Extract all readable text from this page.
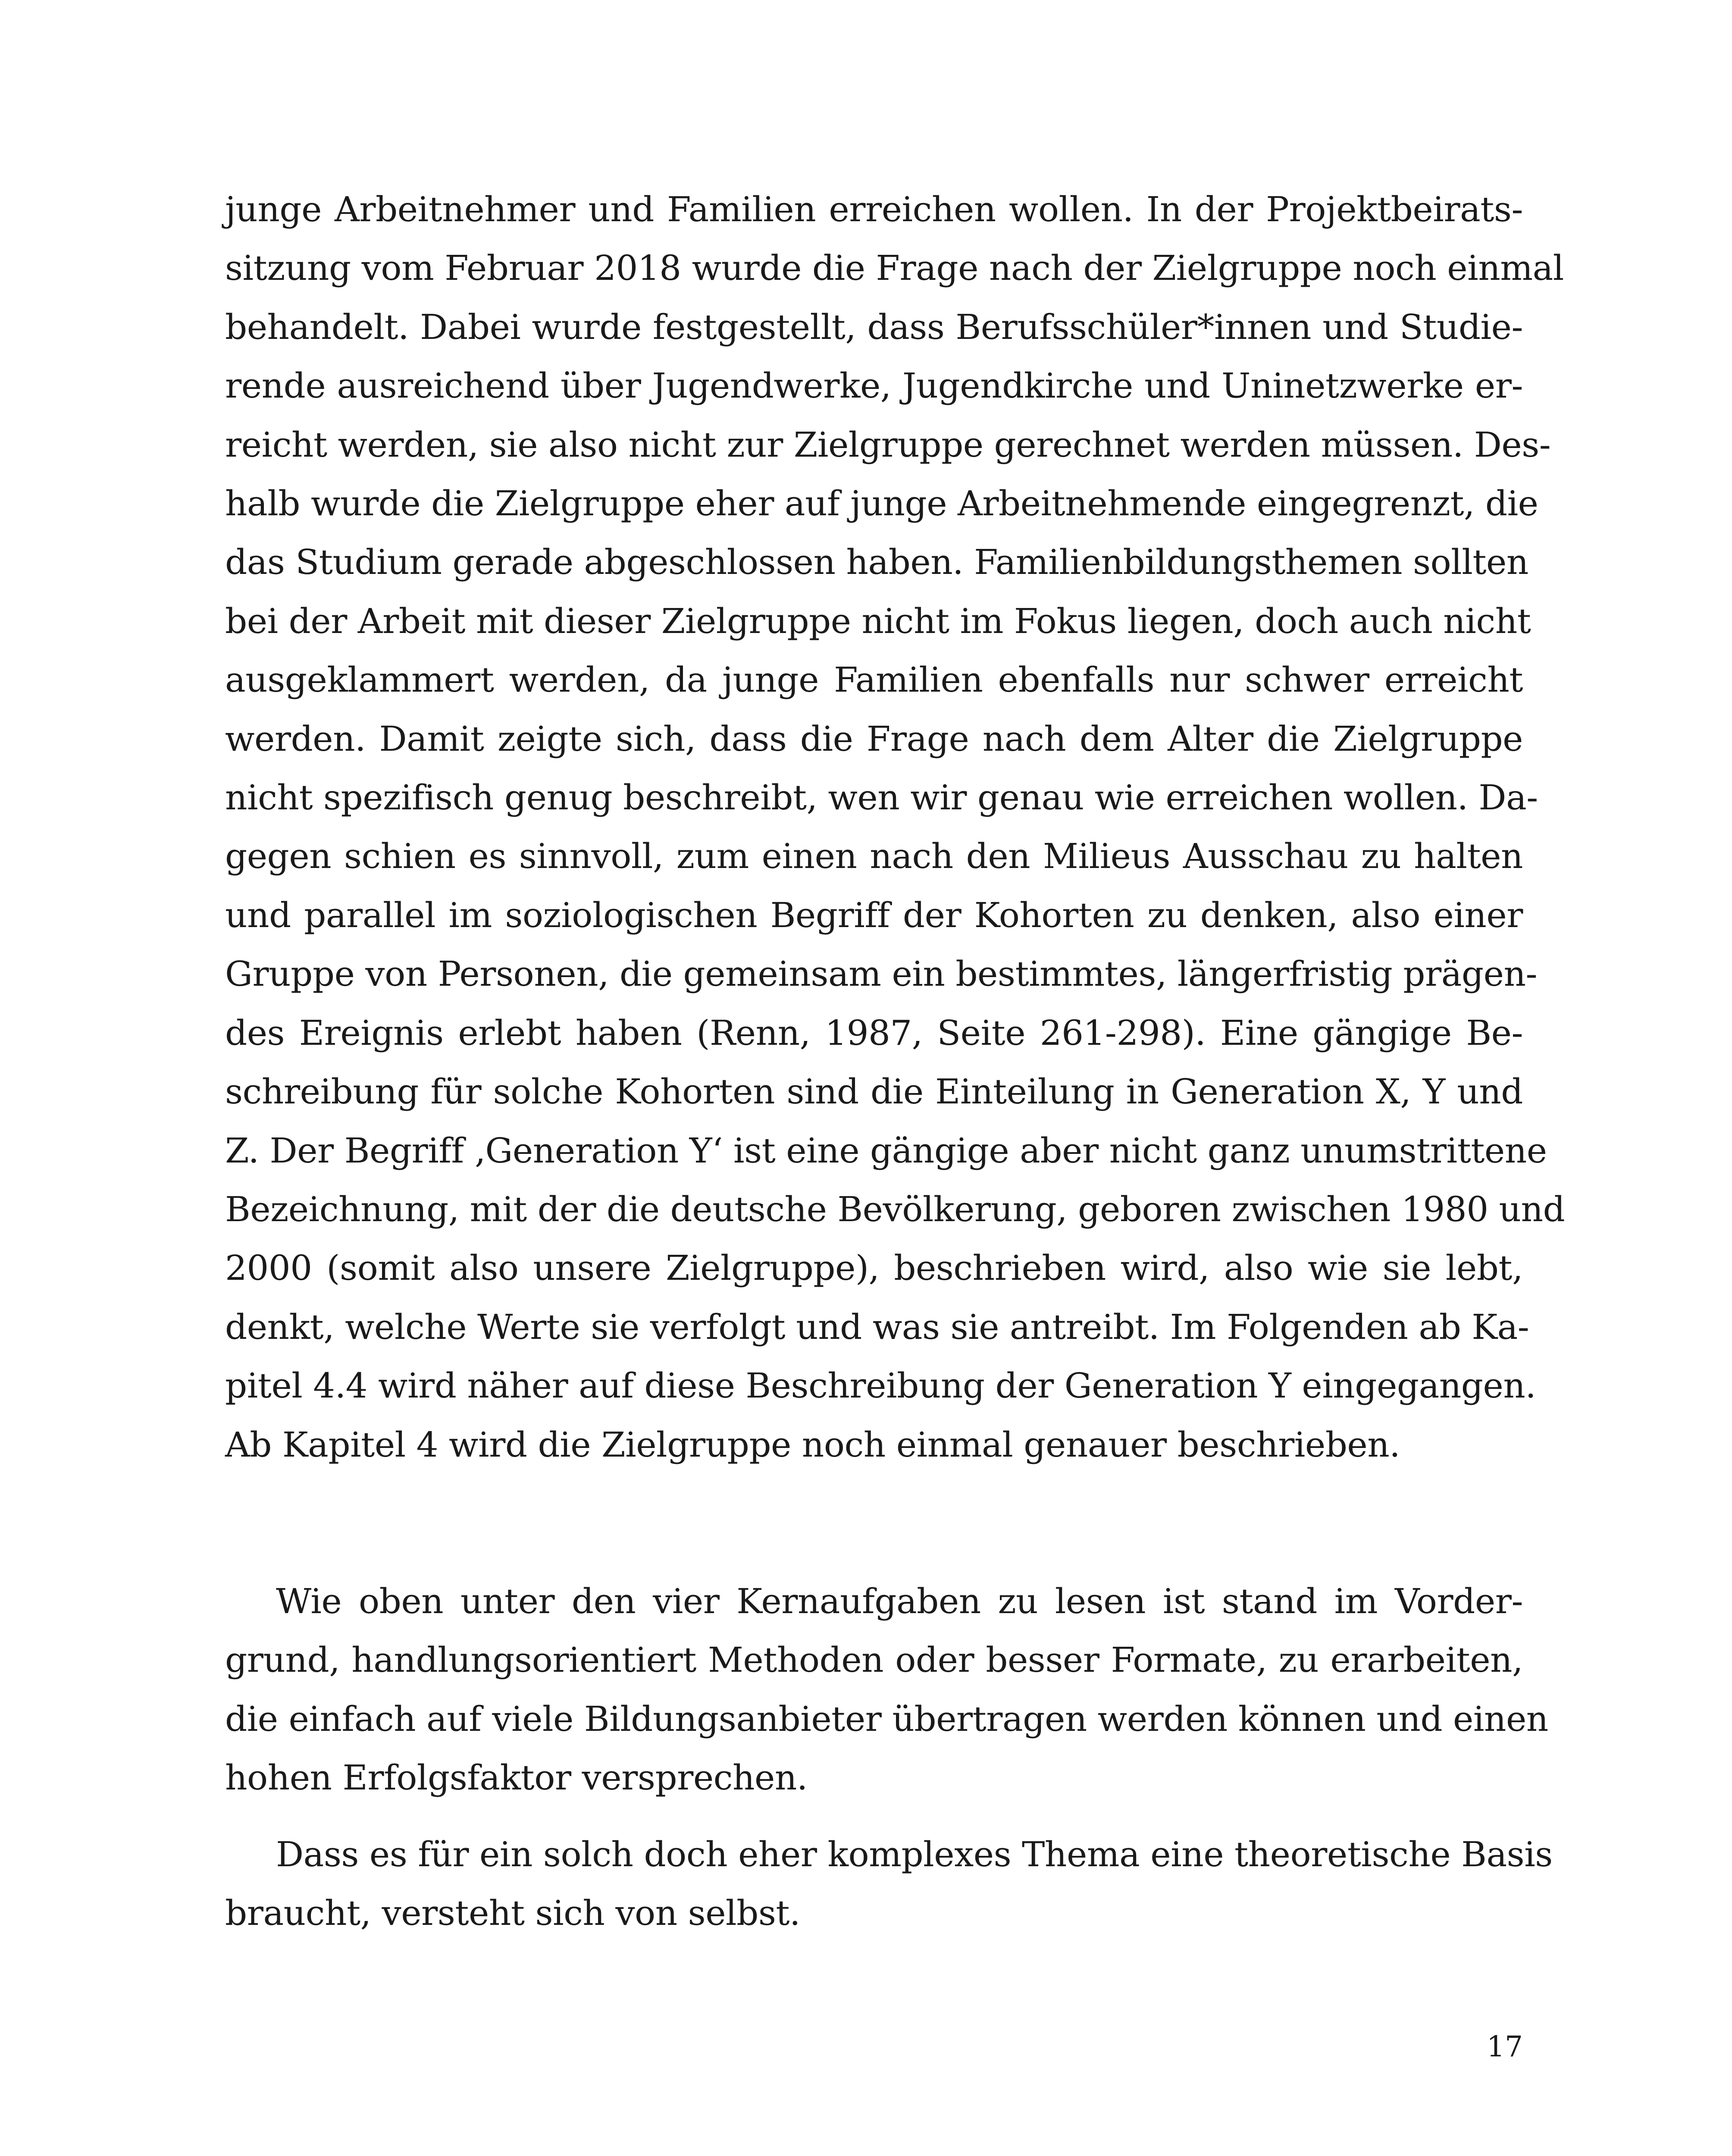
junge Arbeitnehmer und Familien erreichen wollen. In der Projektbeirats-
sitzung vom Februar 2018 wurde die Frage nach der Zielgruppe noch einmal
behandelt. Dabei wurde festgestellt, dass Berufsschüler*innen und Studie-
rende ausreichend über Jugendwerke, Jugendkirche und Uninetzwerke er-
reicht werden, sie also nicht zur Zielgruppe gerechnet werden müssen. Des-
halb wurde die Zielgruppe eher auf junge Arbeitnehmende eingegrenzt, die
das Studium gerade abgeschlossen haben. Familienbildungsthemen sollten
bei der Arbeit mit dieser Zielgruppe nicht im Fokus liegen, doch auch nicht
ausgeklammert werden, da junge Familien ebenfalls nur schwer erreicht
werden. Damit zeigte sich, dass die Frage nach dem Alter die Zielgruppe
nicht spezifisch genug beschreibt, wen wir genau wie erreichen wollen. Da-
gegen schien es sinnvoll, zum einen nach den Milieus Ausschau zu halten
und parallel im soziologischen Begriff der Kohorten zu denken, also einer
Gruppe von Personen, die gemeinsam ein bestimmtes, längerfristig prägen-
des Ereignis erlebt haben (Renn, 1987, Seite 261-298). Eine gängige Be-
schreibung für solche Kohorten sind die Einteilung in Generation X, Y und
Z. Der Begriff ‚Generation Y‘ ist eine gängige aber nicht ganz unumstrittene
Bezeichnung, mit der die deutsche Bevölkerung, geboren zwischen 1980 und
2000 (somit also unsere Zielgruppe), beschrieben wird, also wie sie lebt,
denkt, welche Werte sie verfolgt und was sie antreibt. Im Folgenden ab Ka-
pitel 4.4 wird näher auf diese Beschreibung der Generation Y eingegangen.
Ab Kapitel 4 wird die Zielgruppe noch einmal genauer beschrieben.
Wie oben unter den vier Kernaufgaben zu lesen ist stand im Vorder-
grund, handlungsorientiert Methoden oder besser Formate, zu erarbeiten,
die einfach auf viele Bildungsanbieter übertragen werden können und einen
hohen Erfolgsfaktor versprechen.
Dass es für ein solch doch eher komplexes Thema eine theoretische Basis
braucht, versteht sich von selbst.
17
